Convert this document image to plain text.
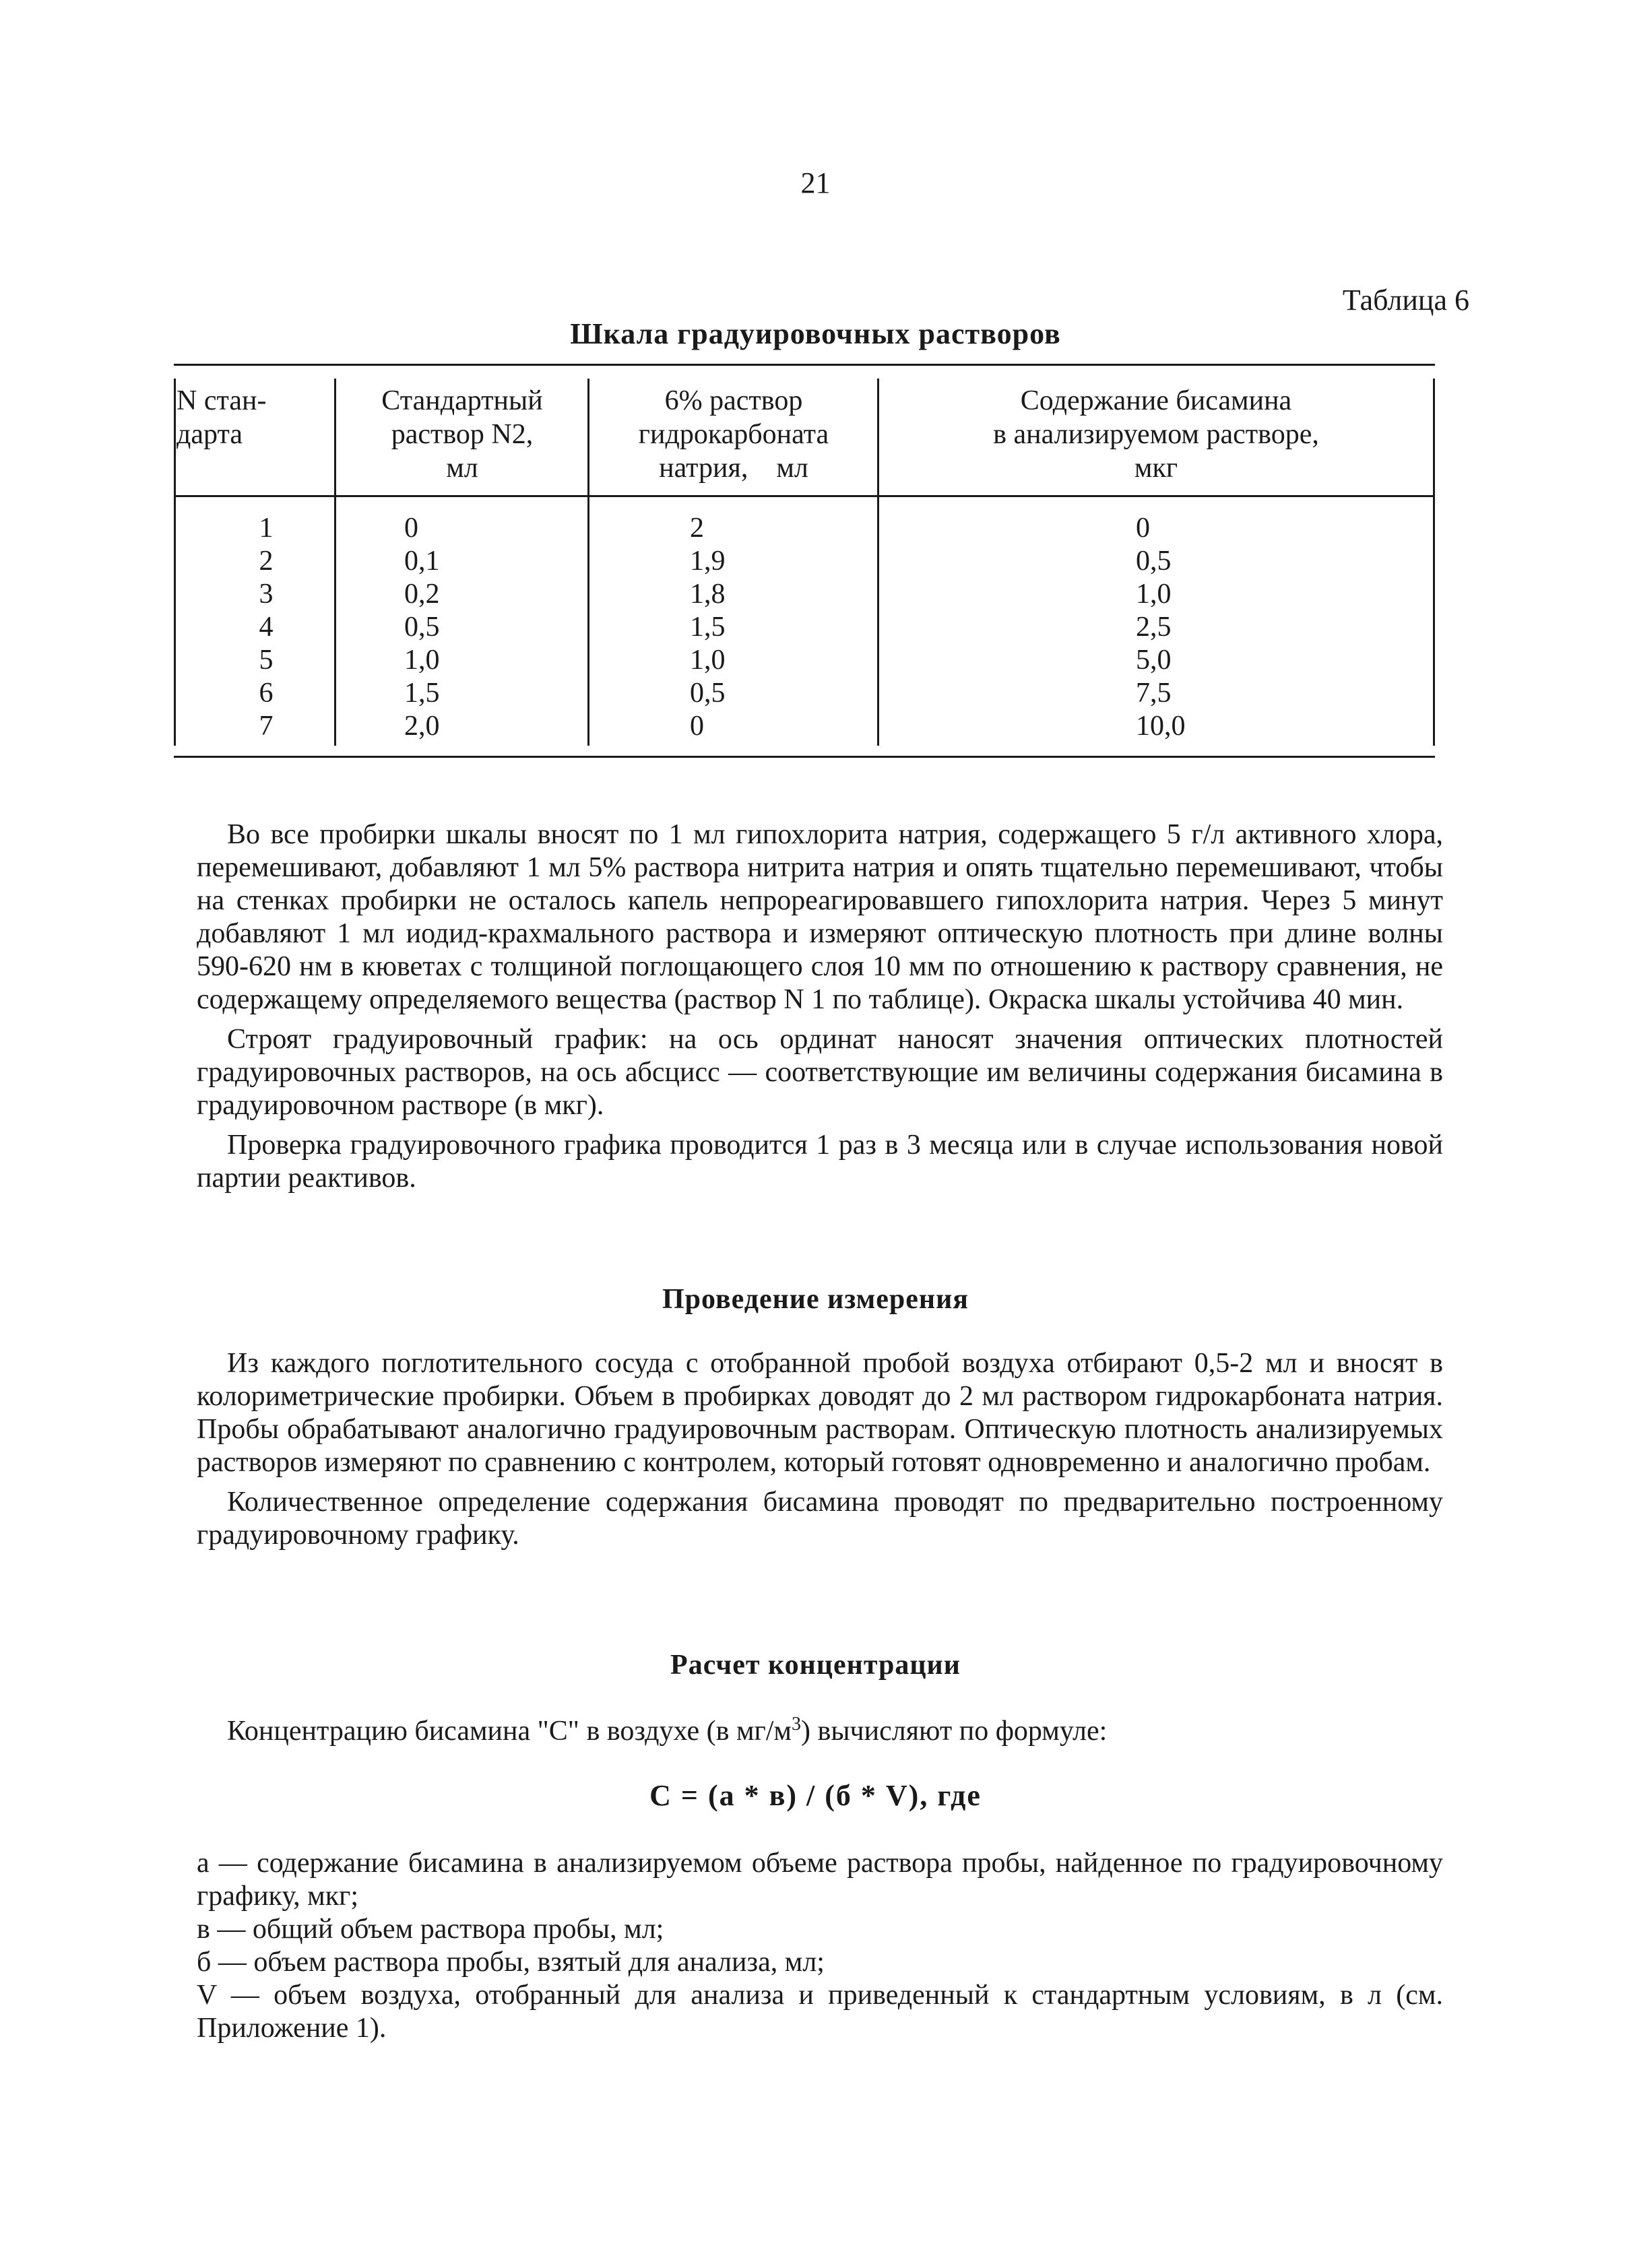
21
Таблица 6
Шкала градуировочных растворов
N стан-
дарта
Стандартный
раствор N2,
мл
6% раствор
гидрокарбоната
натрия,    мл
Содержание бисамина
в анализируемом растворе,
мкг
1
2
3
4
5
6
7
0
0,1
0,2
0,5
1,0
1,5
2,0
2
1,9
1,8
1,5
1,0
0,5
0
0
0,5
1,0
2,5
5,0
7,5
10,0

Во все пробирки шкалы вносят по 1 мл гипохлорита натрия, содержащего 5 г/л активного хлора, перемешивают, добавляют 1 мл 5% раствора нитрита натрия и опять тщательно перемешивают, чтобы на стенках пробирки не осталось капель непрореагировавшего гипохлорита натрия. Через 5 минут добавляют 1 мл иодид-крахмального раствора и измеряют оптическую плотность при длине волны 590-620 нм в кюветах с толщиной поглощающего слоя 10 мм по отношению к раствору сравнения, не содержащему определяемого вещества (раствор N 1 по таблице). Окраска шкалы устойчива 40 мин.

Строят градуировочный график: на ось ординат наносят значения оптических плотностей градуировочных растворов, на ось абсцисс — соответствующие им величины содержания бисамина в градуировочном растворе (в мкг).

Проверка градуировочного графика проводится 1 раз в 3 месяца или в случае использования новой партии реактивов.

Проведение измерения

Из каждого поглотительного сосуда с отобранной пробой воздуха отбирают 0,5-2 мл и вносят в колориметрические пробирки. Объем в пробирках доводят до 2 мл раствором гидрокарбоната натрия. Пробы обрабатывают аналогично градуировочным растворам. Оптическую плотность анализируемых растворов измеряют по сравнению с контролем, который готовят одновременно и аналогично пробам.

Количественное определение содержания бисамина проводят по предварительно построенному градуировочному графику.

Расчет концентрации
Концентрацию бисамина "С" в воздухе (в $мг/м^3$) вычисляют по формуле:
С = (а * в) / (б * V), где

а — содержание бисамина в анализируемом объеме раствора пробы, найденное по градуировочному графику, мкг;

в — общий объем раствора пробы, мл;

б — объем раствора пробы, взятый для анализа, мл;

V — объем воздуха, отобранный для анализа и приведенный к стандартным условиям, в л (см. Приложение 1).
